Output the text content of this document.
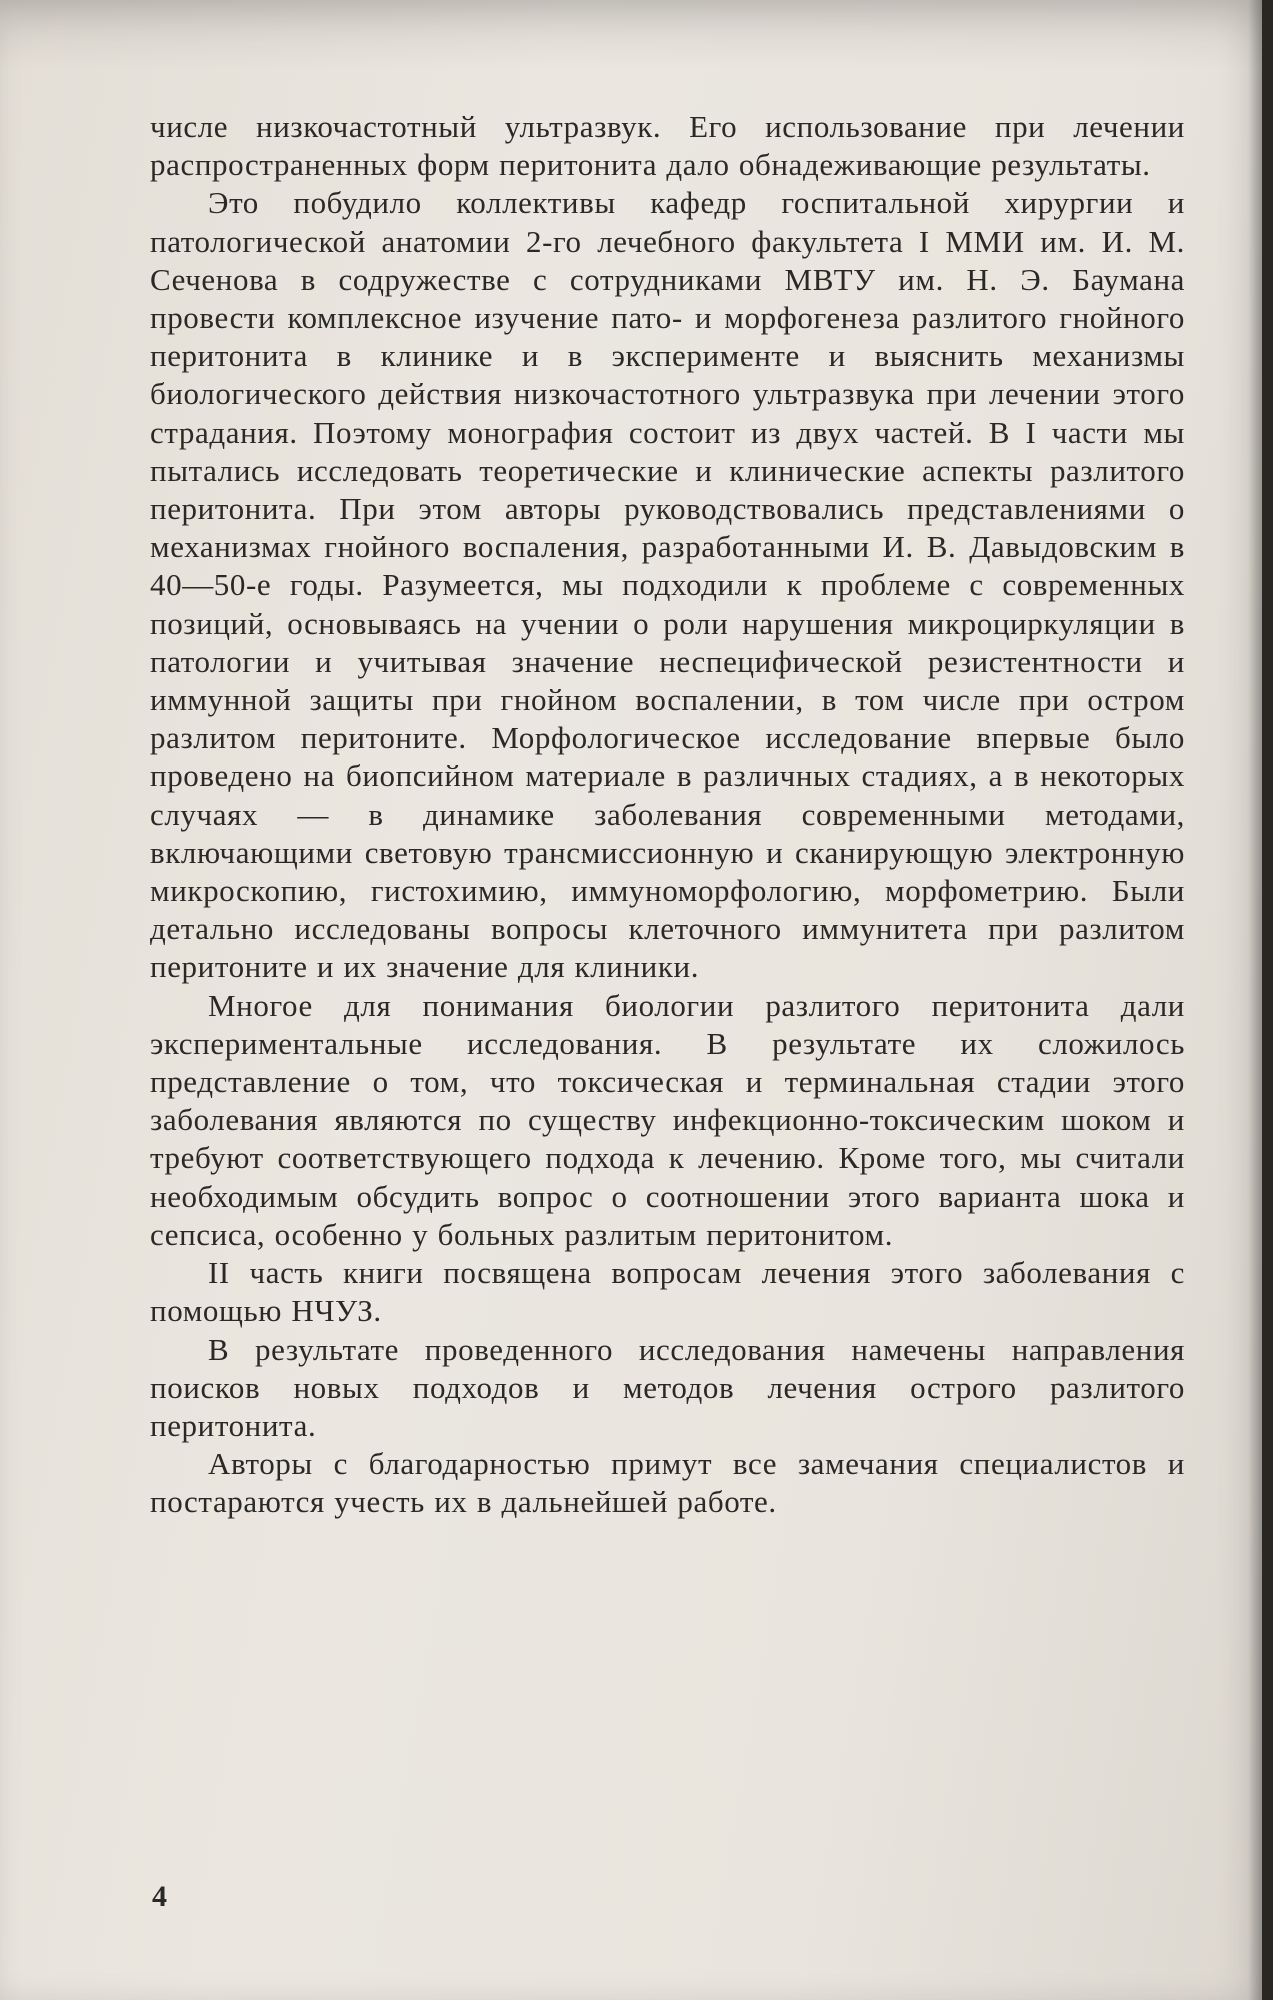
числе низкочастотный ультразвук. Его использование при лечении распространенных форм перитонита дало обнадеживающие результаты.

Это побудило коллективы кафедр госпитальной хирургии и патологической анатомии 2-го лечебного факультета I ММИ им. И. М. Сеченова в содружестве с сотрудниками МВТУ им. Н. Э. Баумана провести комплексное изучение пато- и морфогенеза разлитого гнойного перитонита в клинике и в эксперименте и выяснить механизмы биологического действия низкочастотного ультразвука при лечении этого страдания. Поэтому монография состоит из двух частей. В I части мы пытались исследовать теоретические и клинические аспекты разлитого перитонита. При этом авторы руководствовались представлениями о механизмах гнойного воспаления, разработанными И. В. Давыдовским в 40—50-е годы. Разумеется, мы подходили к проблеме с современных позиций, основываясь на учении о роли нарушения микроциркуляции в патологии и учитывая значение неспецифической резистентности и иммунной защиты при гнойном воспалении, в том числе при остром разлитом перитоните. Морфологическое исследование впервые было проведено на биопсийном материале в различных стадиях, а в некоторых случаях — в динамике заболевания современными методами, включающими световую трансмиссионную и сканирующую электронную микроскопию, гистохимию, иммуноморфологию, морфометрию. Были детально исследованы вопросы клеточного иммунитета при разлитом перитоните и их значение для клиники.

Многое для понимания биологии разлитого перитонита дали экспериментальные исследования. В результате их сложилось представление о том, что токсическая и терминальная стадии этого заболевания являются по существу инфекционно-токсическим шоком и требуют соответствующего подхода к лечению. Кроме того, мы считали необходимым обсудить вопрос о соотношении этого варианта шока и сепсиса, особенно у больных разлитым перитонитом.

II часть книги посвящена вопросам лечения этого заболевания с помощью НЧУЗ.

В результате проведенного исследования намечены направления поисков новых подходов и методов лечения острого разлитого перитонита.

Авторы с благодарностью примут все замечания специалистов и постараются учесть их в дальнейшей работе.

4
